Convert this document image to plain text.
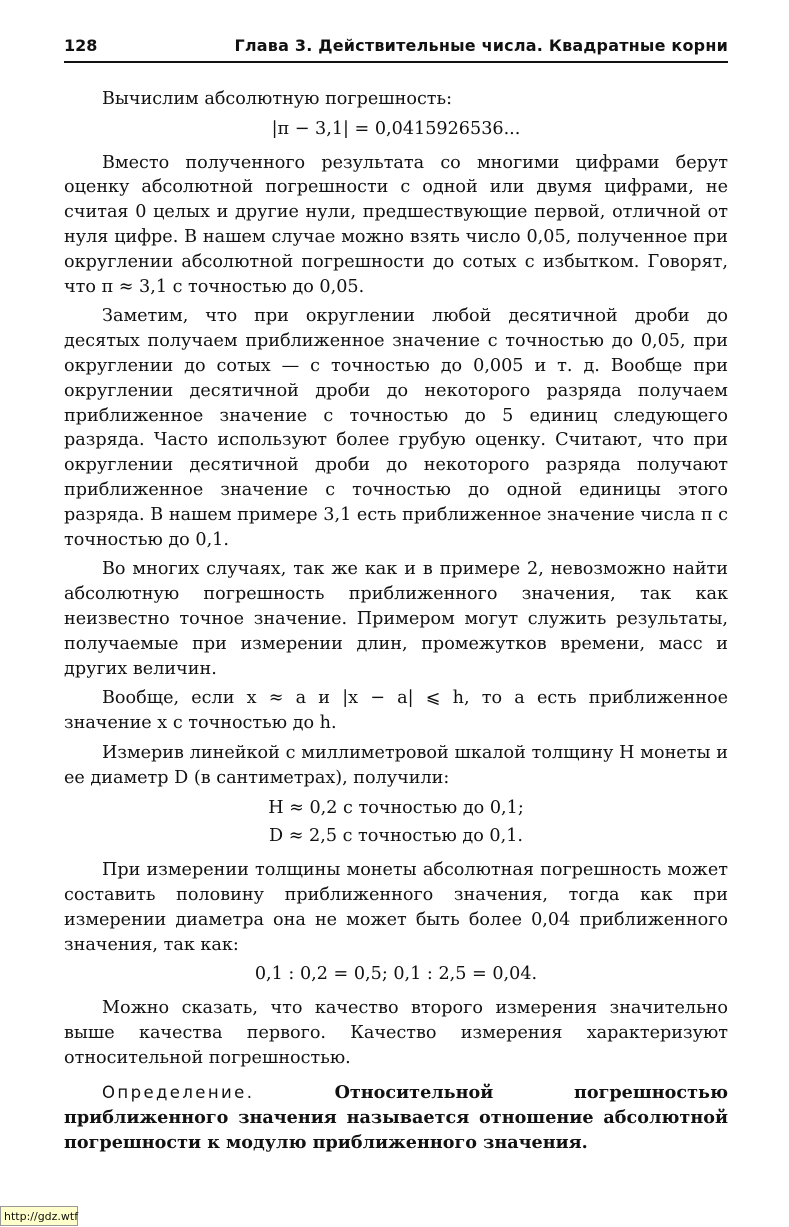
128	Глава 3. Действительные числа. Квадратные корни

Вычислим абсолютную погрешность:

|π − 3,1| = 0,0415926536...

Вместо полученного результата со многими цифрами берут оценку абсолютной погрешности с одной или двумя цифрами, не считая 0 целых и другие нули, предшествующие первой, отличной от нуля цифре. В нашем случае можно взять число 0,05, полученное при округлении абсолютной погрешности до сотых с избытком. Говорят, что π ≈ 3,1 с точностью до 0,05.

Заметим, что при округлении любой десятичной дроби до десятых получаем приближенное значение с точностью до 0,05, при округлении до сотых — с точностью до 0,005 и т. д. Вообще при округлении десятичной дроби до некоторого разряда получаем приближенное значение с точностью до 5 единиц следующего разряда. Часто используют более грубую оценку. Считают, что при округлении десятичной дроби до некоторого разряда получают приближенное значение с точностью до одной единицы этого разряда. В нашем примере 3,1 есть приближенное значение числа π с точностью до 0,1.

Во многих случаях, так же как и в примере 2, невозможно найти абсолютную погрешность приближенного значения, так как неизвестно точное значение. Примером могут служить результаты, получаемые при измерении длин, промежутков времени, масс и других величин.

Вообще, если x ≈ a и |x − a| ⩽ h, то a есть приближенное значение x с точностью до h.

Измерив линейкой с миллиметровой шкалой толщину H монеты и ее диаметр D (в сантиметрах), получили:

H ≈ 0,2 с точностью до 0,1;

D ≈ 2,5 с точностью до 0,1.

При измерении толщины монеты абсолютная погрешность может составить половину приближенного значения, тогда как при измерении диаметра она не может быть более 0,04 приближенного значения, так как:

0,1 : 0,2 = 0,5; 0,1 : 2,5 = 0,04.

Можно сказать, что качество второго измерения значительно выше качества первого. Качество измерения характеризуют относительной погрешностью.

Определение.	Относительной погрешностью приближенного значения называется отношение абсолютной погрешности к модулю приближенного значения.

http://gdz.wtf
